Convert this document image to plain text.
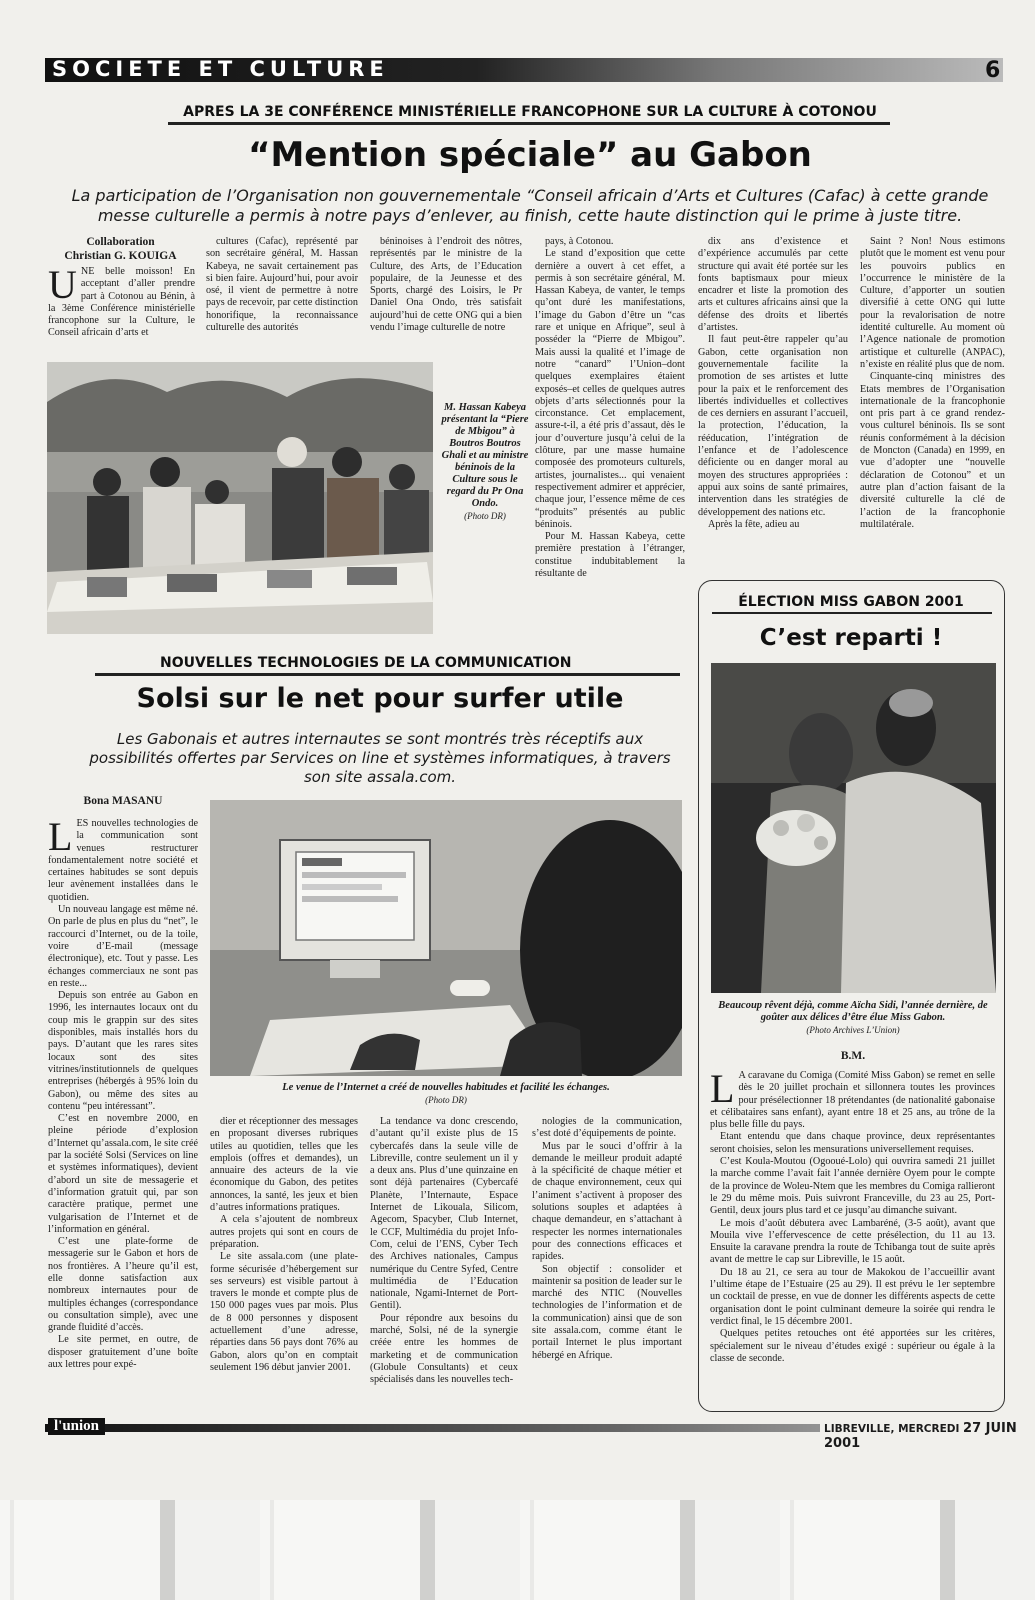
SOCIETE ET CULTURE	6
APRES LA 3E CONFÉRENCE MINISTÉRIELLE FRANCOPHONE SUR LA CULTURE À COTONOU
“Mention spéciale” au Gabon
La participation de l’Organisation non gouvernementale “Conseil africain d’Arts et Cultures (Cafac) à cette grande messe culturelle a permis à notre pays d’enlever, au finish, cette haute distinction qui le prime à juste titre.
Collaboration
Christian G. KOUIGA

UNE belle moisson! En acceptant d’aller prendre part à Cotonou au Bénin, à la 3ème Conférence ministérielle francophone sur la Culture, le Conseil africain d’arts et

cultures (Cafac), représenté par son secrétaire général, M. Hassan Kabeya, ne savait certainement pas si bien faire. Aujourd’hui, pour avoir osé, il vient de permettre à notre pays de recevoir, par cette distinction honorifique, la reconnaissance culturelle des autorités

béninoises à l’endroit des nôtres, représentés par le ministre de la Culture, des Arts, de l’Education populaire, de la Jeunesse et des Sports, chargé des Loisirs, le Pr Daniel Ona Ondo, très satisfait aujourd’hui de cette ONG qui a bien vendu l’image culturelle de notre

M. Hassan Kabeya présentant la “Piere de Mbigou” à Boutros Boutros Ghali et au ministre béninois de la Culture sous le regard du Pr Ona Ondo.
(Photo DR)

pays, à Cotonou.

Le stand d’exposition que cette dernière a ouvert à cet effet, a permis à son secrétaire général, M. Hassan Kabeya, de vanter, le temps qu’ont duré les manifestations, l’image du Gabon d’être un “cas rare et unique en Afrique”, seul à posséder la “Pierre de Mbigou”. Mais aussi la qualité et l’image de notre “canard” l’Union–dont quelques exemplaires étaient exposés–et celles de quelques autres objets d’arts sélectionnés pour la circonstance. Cet emplacement, assure-t-il, a été pris d’assaut, dès le jour d’ouverture jusqu’à celui de la clôture, par une masse humaine composée des promoteurs culturels, artistes, journalistes... qui venaient respectivement admirer et apprécier, chaque jour, l’essence même de ces “produits” présentés au public béninois.

Pour M. Hassan Kabeya, cette première prestation à l’étranger, constitue indubitablement la résultante de

dix ans d’existence et d’expérience accumulés par cette structure qui avait été portée sur les fonts baptismaux pour mieux encadrer et liste la promotion des arts et cultures africains ainsi que la défense des droits et libertés d’artistes.

Il faut peut-être rappeler qu’au Gabon, cette organisation non gouvernementale facilite la promotion de ses artistes et lutte pour la paix et le renforcement des libertés individuelles et collectives de ces derniers en assurant l’accueil, la protection, l’éducation, la rééducation, l’intégration de l’enfance et de l’adolescence déficiente ou en danger moral au moyen des structures appropriées : appui aux soins de santé primaires, intervention dans les stratégies de développement des nations etc.

Après la fête, adieu au

Saint ? Non! Nous estimons plutôt que le moment est venu pour les pouvoirs publics en l’occurrence le ministère de la Culture, d’apporter un soutien diversifié à cette ONG qui lutte pour la revalorisation de notre identité culturelle. Au moment où l’Agence nationale de promotion artistique et culturelle (ANPAC), n’existe en réalité plus que de nom.

Cinquante-cinq ministres des Etats membres de l’Organisation internationale de la francophonie ont pris part à ce grand rendez-vous culturel béninois. Ils se sont réunis conformément à la décision de Moncton (Canada) en 1999, en vue d’adopter une “nouvelle déclaration de Cotonou” et un autre plan d’action faisant de la diversité culturelle la clé de l’action de la francophonie multilatérale.

NOUVELLES TECHNOLOGIES DE LA COMMUNICATION
Solsi sur le net pour surfer utile
Les Gabonais et autres internautes se sont montrés très réceptifs aux possibilités offertes par Services on line et systèmes informatiques, à travers son site assala.com.
Bona MASANU

LES nouvelles technologies de la communication sont venues restructurer fondamentalement notre société et certaines habitudes se sont depuis leur avènement installées dans le quotidien.

Un nouveau langage est même né. On parle de plus en plus du “net”, le raccourci d’Internet, ou de la toile, voire d’E-mail (message électronique), etc. Tout y passe. Les échanges commerciaux ne sont pas en reste...

Depuis son entrée au Gabon en 1996, les internautes locaux ont du coup mis le grappin sur des sites disponibles, mais installés hors du pays. D’autant que les rares sites locaux sont des sites vitrines/institutionnels de quelques entreprises (hébergés à 95% loin du Gabon), ou même des sites au contenu “peu intéressant”.

C’est en novembre 2000, en pleine période d’explosion d’Internet qu’assala.com, le site créé par la société Solsi (Services on line et systèmes informatiques), devient d’abord un site de messagerie et d’information gratuit qui, par son caractère pratique, permet une vulgarisation de l’Internet et de l’information en général.

C’est une plate-forme de messagerie sur le Gabon et hors de nos frontières. A l’heure qu’il est, elle donne satisfaction aux nombreux internautes pour de multiples échanges (correspondance ou consultation simple), avec une grande fluidité d’accès.

Le site permet, en outre, de disposer gratuitement d’une boîte aux lettres pour expé-

Le venue de l’Internet a créé de nouvelles habitudes et facilité les échanges.
(Photo DR)

dier et réceptionner des messages en proposant diverses rubriques utiles au quotidien, telles que les emplois (offres et demandes), un annuaire des acteurs de la vie économique du Gabon, des petites annonces, la santé, les jeux et bien d’autres informations pratiques.

A cela s’ajoutent de nombreux autres projets qui sont en cours de préparation.

Le site assala.com (une plate-forme sécurisée d’hébergement sur ses serveurs) est visible partout à travers le monde et compte plus de 150 000 pages vues par mois. Plus de 8 000 personnes y disposent actuellement d’une adresse, réparties dans 56 pays dont 76% au Gabon, alors qu’on en comptait seulement 196 début janvier 2001.

La tendance va donc crescendo, d’autant qu’il existe plus de 15 cybercafés dans la seule ville de Libreville, contre seulement un il y a deux ans. Plus d’une quinzaine en sont déjà partenaires (Cybercafé Planète, l’Internaute, Espace Internet de Likouala, Silicom, Agecom, Spacyber, Club Internet, le CCF, Multimédia du projet Info-Com, celui de l’ENS, Cyber Tech des Archives nationales, Campus numérique du Centre Syfed, Centre multimédia de l’Education nationale, Ngami-Internet de Port-Gentil).

Pour répondre aux besoins du marché, Solsi, né de la synergie créée entre les hommes de marketing et de communication (Globule Consultants) et ceux spécialisés dans les nouvelles tech-

nologies de la communication, s’est doté d’équipements de pointe.

Mus par le souci d’offrir à la demande le meilleur produit adapté à la spécificité de chaque métier et de chaque environnement, ceux qui l’animent s’activent à proposer des solutions souples et adaptées à chaque demandeur, en s’attachant à respecter les normes internationales pour des connections efficaces et rapides.

Son objectif : consolider et maintenir sa position de leader sur le marché des NTIC (Nouvelles technologies de l’information et de la communication) ainsi que de son site assala.com, comme étant le portail Internet le plus important hébergé en Afrique.

ÉLECTION MISS GABON 2001
C’est reparti !
Beaucoup rêvent déjà, comme Aïcha Sidi, l’année dernière, de goûter aux délices d’être élue Miss Gabon.
(Photo Archives L’Union)
B.M.

L A caravane du Comiga (Comité Miss Gabon) se remet en selle dès le 20 juillet prochain et sillonnera toutes les provinces pour présélectionner 18 prétendantes (de nationalité gabonaise et célibataires sans enfant), ayant entre 18 et 25 ans, au trône de la plus belle fille du pays.

Etant entendu que dans chaque province, deux représentantes seront choisies, selon les mensurations universellement requises.

C’est Koula-Moutou (Ogooué-Lolo) qui ouvrira samedi 21 juillet la marche comme l’avait fait l’année dernière Oyem pour le compte de la province de Woleu-Ntem que les membres du Comiga rallieront le 29 du même mois. Puis suivront Franceville, du 23 au 25, Port-Gentil, deux jours plus tard et ce jusqu’au dimanche suivant.

Le mois d’août débutera avec Lambaréné, (3-5 août), avant que Mouila vive l’effervescence de cette présélection, du 11 au 13. Ensuite la caravane prendra la route de Tchibanga tout de suite après avant de mettre le cap sur Libreville, le 15 août.

Du 18 au 21, ce sera au tour de Makokou de l’accueillir avant l’ultime étape de l’Estuaire (25 au 29). Il est prévu le 1er septembre un cocktail de presse, en vue de donner les différents aspects de cette organisation dont le point culminant demeure la soirée qui rendra le verdict final, le 15 décembre 2001.

Quelques petites retouches ont été apportées sur les critères, spécialement sur le niveau d’études exigé : supérieur ou égale à la classe de seconde.

l'union	LIBREVILLE, MERCREDI 27 JUIN 2001
